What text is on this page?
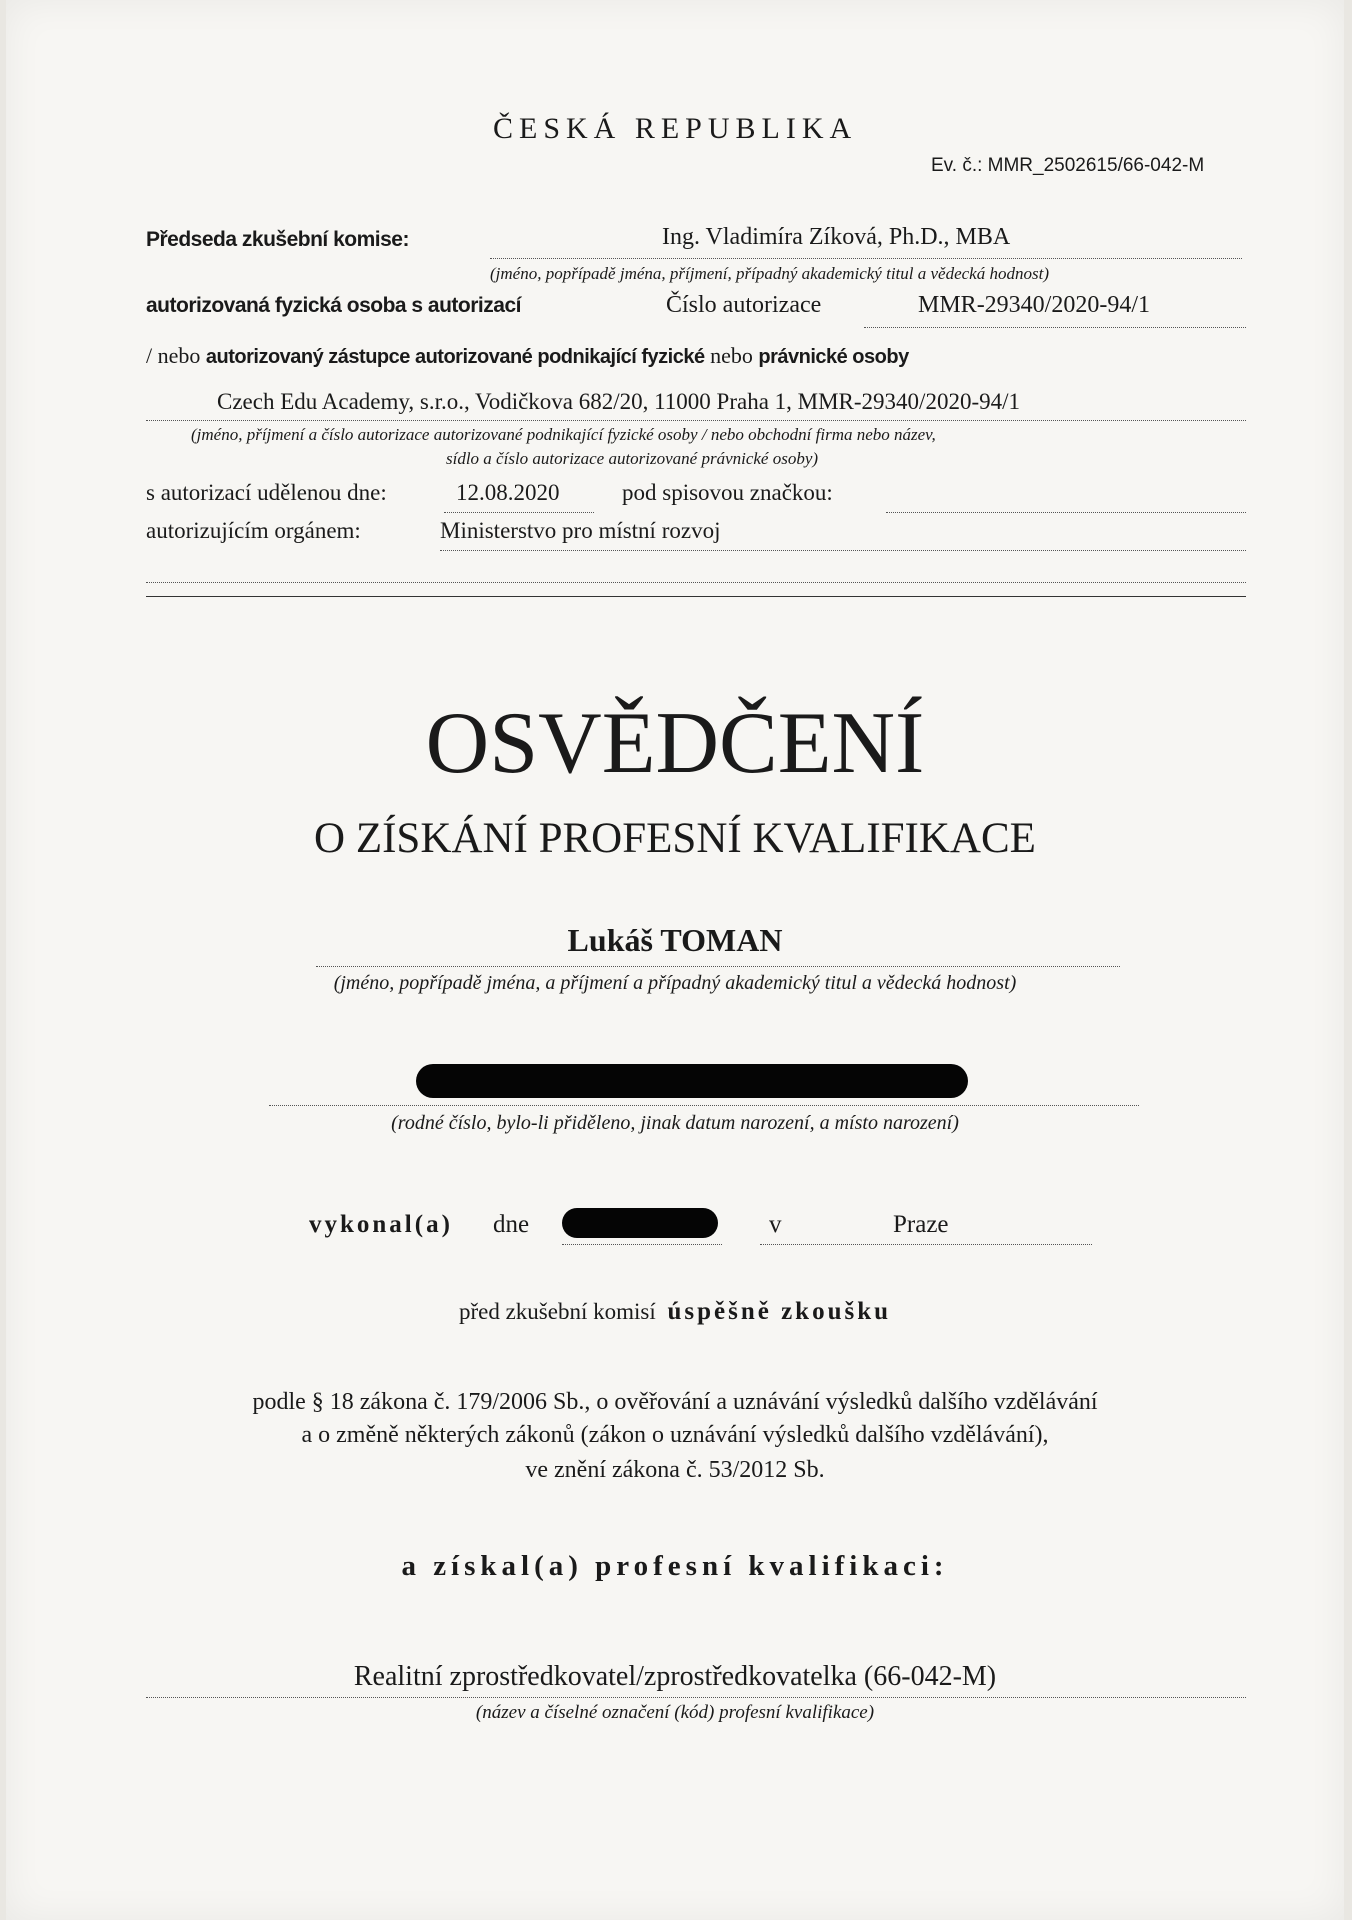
ČESKÁ REPUBLIKA
Ev. č.: MMR_2502615/66-042-M
Předseda zkušební komise:	Ing. Vladimíra Zíková, Ph.D., MBA
(jméno, popřípadě jména, příjmení, případný akademický titul a vědecká hodnost)
autorizovaná fyzická osoba s autorizací	Číslo autorizace	MMR-29340/2020-94/1
/ nebo autorizovaný zástupce autorizované podnikající fyzické nebo právnické osoby
Czech Edu Academy, s.r.o., Vodičkova 682/20, 11000 Praha 1, MMR-29340/2020-94/1
(jméno, příjmení a číslo autorizace autorizované podnikající fyzické osoby / nebo obchodní firma nebo název,
sídlo a číslo autorizace autorizované právnické osoby)
s autorizací udělenou dne:	12.08.2020	pod spisovou značkou:
autorizujícím orgánem:	Ministerstvo pro místní rozvoj
OSVĚDČENÍ
O ZÍSKÁNÍ PROFESNÍ KVALIFIKACE
Lukáš TOMAN
(jméno, popřípadě jména, a příjmení a případný akademický titul a vědecká hodnost)
(rodné číslo, bylo-li přiděleno, jinak datum narození, a místo narození)
vykonal(a) dne	v	Praze
před zkušební komisí úspěšně zkoušku
podle § 18 zákona č. 179/2006 Sb., o ověřování a uznávání výsledků dalšího vzdělávání
a o změně některých zákonů (zákon o uznávání výsledků dalšího vzdělávání),
ve znění zákona č. 53/2012 Sb.
a získal(a) profesní kvalifikaci:
Realitní zprostředkovatel/zprostředkovatelka (66-042-M)
(název a číselné označení (kód) profesní kvalifikace)
